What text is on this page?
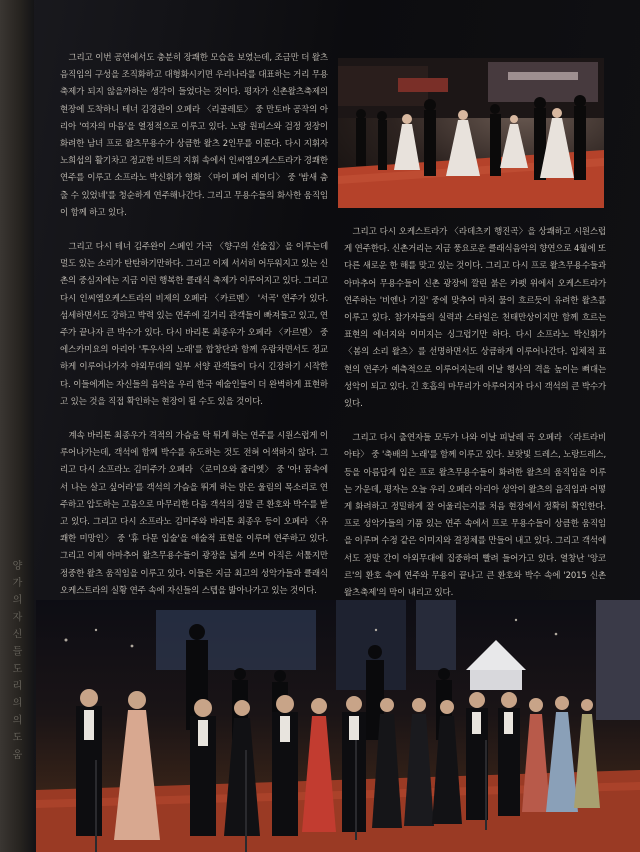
양 가 의 자 신 들 도 리 의 의 도 움

그리고 이번 공연에서도 충분히 장쾌한 모습을 보였는데, 조금만 더 왈츠 음직임의 구성을 조직화하고 대형화시키면 우리나라를 대표하는 거리 무용 축제가 되지 않을까하는 생각이 들었다는 것이다. 평자가 신촌왈츠축제의 현장에 도착하니 테너 김경관이 오페라 〈리골레토〉 중 만토바 공작의 아리아 '여자의 마음'을 열정적으로 이루고 있다. 노랑 원피스와 검정 정장이 화려한 남녀 프로 왈츠무용수가 상큼한 왈츠 2인무를 이룬다. 다시 지휘자 노희섭의 활기차고 정교한 비트의 지휘 속에서 인씨엠오케스트라가 경쾌한 연주를 이루고 소프라노 박신휘가 영화 〈마이 페어 레이디〉 중 '밤새 춤출 수 있었네'를 청순하게 연주해나간다. 그리고 무용수들의 화사한 움직임이 함께 하고 있다.

그리고 다시 테너 김주완이 스페인 가곡 〈향구의 선술집〉을 이루는데 멀도 있는 소리가 탄탄하기만하다. 그리고 이제 서서히 어두워지고 있는 신촌의 중심지에는 지금 이런 행복한 클래식 축제가 이루어지고 있다. 그리고 다시 인씨엠오케스트라의 비제의 오페라 〈카르멘〉 '서곡' 연주가 있다. 섬세하면서도 강하고 박력 있는 연주에 길거리 관객들이 빠져들고 있고, 연주가 끝나자 큰 박수가 있다. 다시 바리톤 최종우가 오페라 〈카르멘〉 중 에스카미요의 아리아 '투우사의 노래'를 합창단과 함께 우람차면서도 정교하게 이루어나가자 야외무대의 일부 서양 관객들이 다시 긴장하기 시작한다. 이들에게는 자신들의 음악을 우리 한국 예술인들이 더 완벽하게 표현하고 있는 것을 직접 확인하는 현장이 될 수도 있을 것이다.

계속 바리톤 최종우가 격적의 가슴을 탁 튀게 하는 연주를 시원스럽게 이루어나가는데, 객석에 함께 박수를 유도하는 것도 전혀 어색하지 않다. 그리고 다시 소프라노 김미주가 오페라 〈로미오와 줄리엣〉 중 '아! 꿈속에서 나는 살고 싶어라'를 객석의 가슴을 뛰게 하는 맑은 울림의 목소리로 연주하고 압도하는 고음으로 마무리한 다음 객석의 정말 큰 환호와 박수를 받고 있다. 그리고 다시 소프라노 김미주와 바리톤 최종우 등이 오페라 〈유쾌한 미망인〉 중 '휴 다문 입술'을 애술적 표현을 이루며 연주하고 있다. 그리고 이제 아마추어 왈츠무용수들이 광장을 넓게 쓰며 아직은 서툴지만 정중한 왈츠 움직임을 이루고 있다. 이들은 지금 최고의 성악가들과 클래식 오케스트라의 실황 연주 속에 자신들의 스텝을 밟아나가고 있는 것이다.

그리고 다시 오케스트라가 〈라데츠키 행진곡〉을 상쾌하고 시원스럽게 연주한다. 신촌거리는 지금 풍요로운 클래식음악의 향연으로 4월에 또 다른 새로운 한 해를 맞고 있는 것이다. 그리고 다시 프로 왈츠무용수들과 아마추어 무용수들이 신촌 광장에 깔린 붉은 카펫 위에서 오케스트라가 연주하는 '비엔나 기질' 중에 맞추어 마치 물이 흐르듯이 유려한 왈츠를 이루고 있다. 참가자들의 실력과 스타일은 천태만상이지만 함께 흐르는 표현의 에너지와 이미지는 싱그럽기만 하다. 다시 소프라노 박신휘가 〈봄의 소리 왈츠〉를 선명하면서도 상큼하게 이루어나간다. 입체적 표현의 연주가 예측적으로 이루어지는데 이날 행사의 격을 높이는 뼈대는 성악이 되고 있다. 긴 호흡의 마무리가 아루어지자 다시 객석의 큰 박수가 있다.

그리고 다시 출연자들 모두가 나와 이날 피날레 곡 오페라 〈라트라비아타〉 중 '축배의 노래'를 함께 이루고 있다. 보랏빛 드레스, 노랑드레스, 등을 아름답게 입은 프로 왈츠무용수들이 화려한 왈츠의 움직임을 이루는 가운데, 평자는 오늘 우리 오페라 아리아 성악이 왈츠의 음직임과 어떻게 화려하고 정밀하게 잘 어울리는지를 처음 현장에서 정확히 확인한다. 프로 성악가들의 기품 있는 연주 속에서 프로 무용수들이 상큼한 움직임을 이루며 수정 같은 이미지와 결정체를 만들어 내고 있다. 그리고 객석에서도 정말 간이 아외무대에 집중하여 빨려 들어가고 있다. 열창난 '앙코르'의 환호 속에 연주와 무용이 끝나고 큰 환호와 박수 속에 '2015 신촌왈츠축제'의 막이 내리고 있다.
